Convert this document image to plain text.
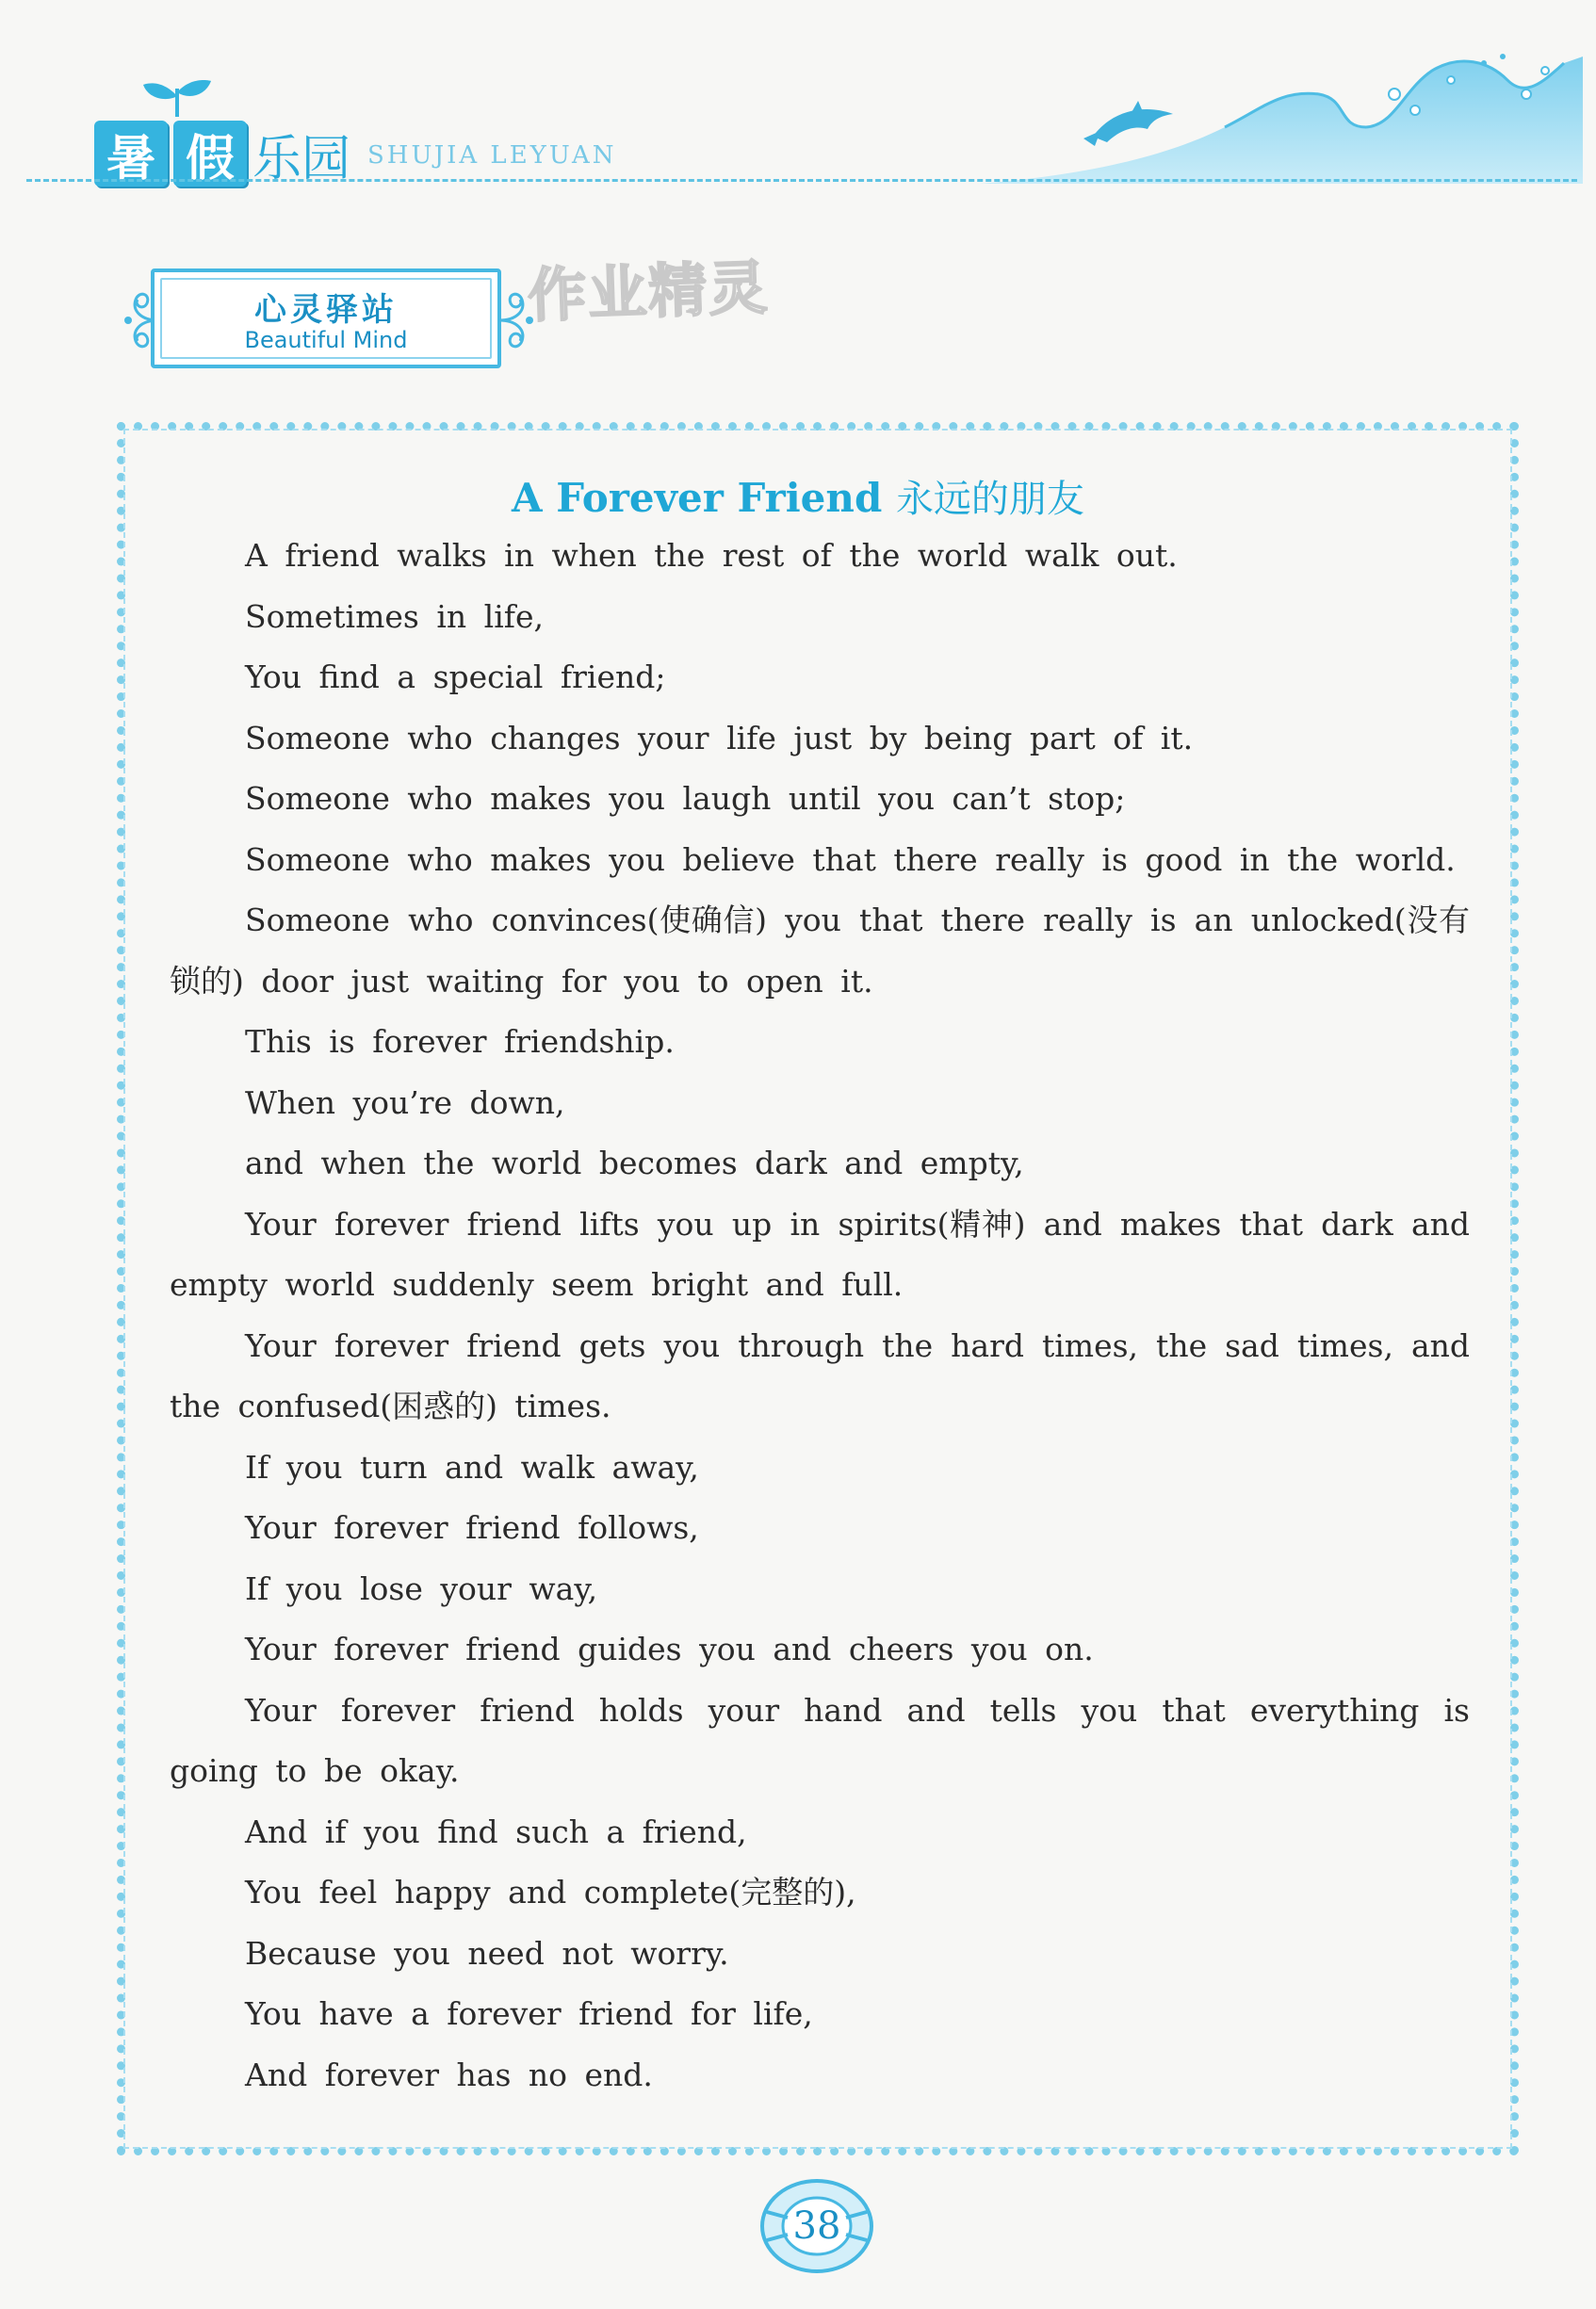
暑 假 乐园 SHUJIA LEYUAN
心灵驿站
Beautiful Mind
作业精灵
A Forever Friend 永远的朋友

A friend walks in when the rest of the world walk out.

Sometimes in life,

You find a special friend;

Someone who changes your life just by being part of it.

Someone who makes you laugh until you can’t stop;

Someone who makes you believe that there really is good in the world.

Someone who convinces(使确信) you that there really is an unlocked(没有锁的) door just waiting for you to open it.

This is forever friendship.

When you’re down,

and when the world becomes dark and empty,

Your forever friend lifts you up in spirits(精神) and makes that dark and empty world suddenly seem bright and full.

Your forever friend gets you through the hard times, the sad times, and the confused(困惑的) times.

If you turn and walk away,

Your forever friend follows,

If you lose your way,

Your forever friend guides you and cheers you on.

Your forever friend holds your hand and tells you that everything is going to be okay.

And if you find such a friend,

You feel happy and complete(完整的),

Because you need not worry.

You have a forever friend for life,

And forever has no end.

38
